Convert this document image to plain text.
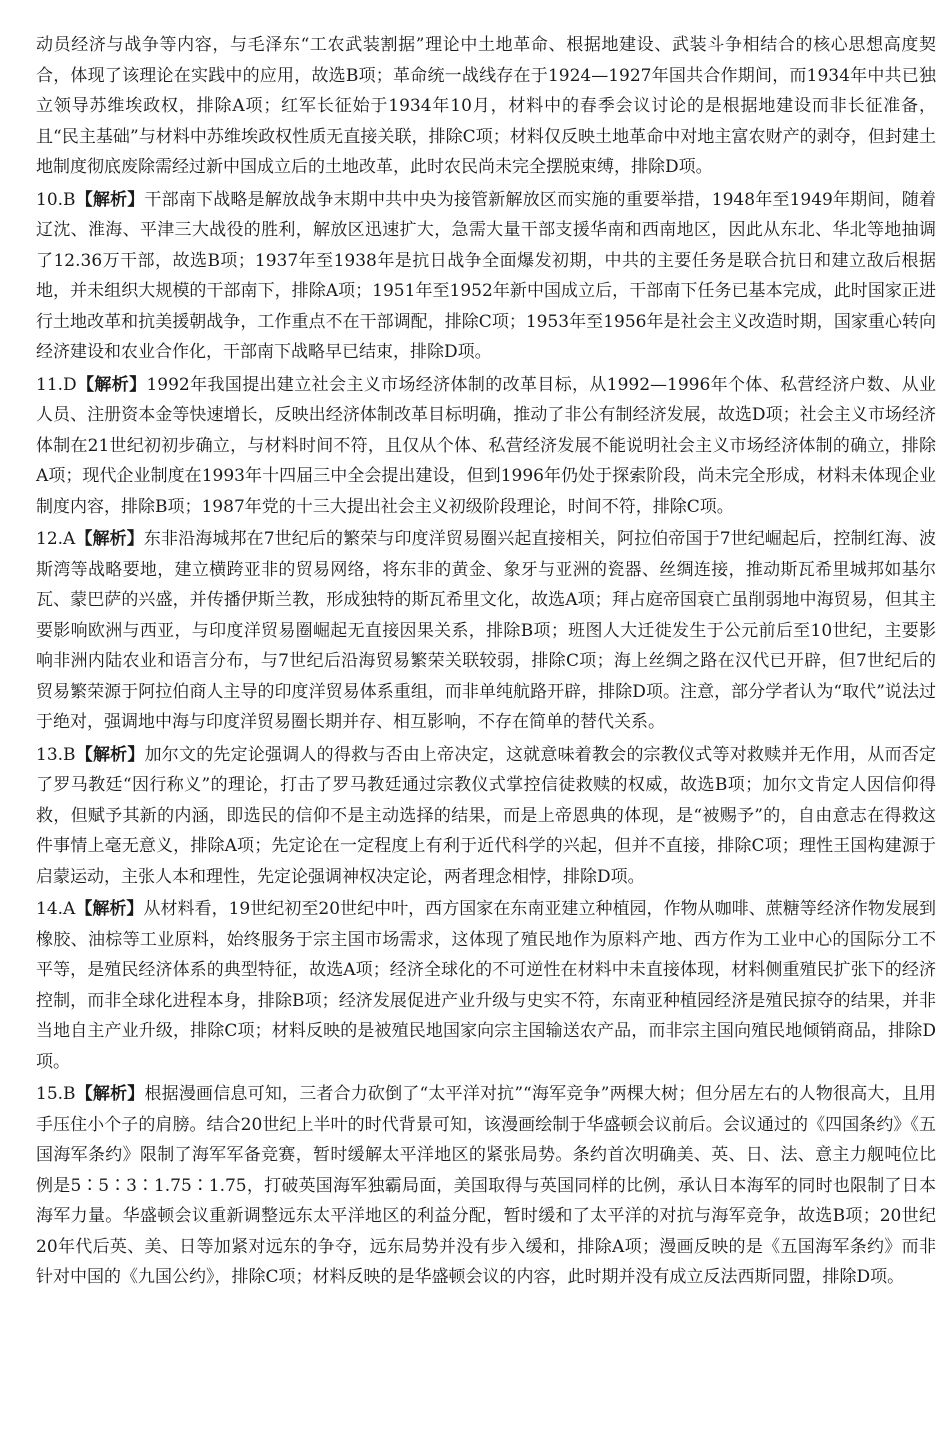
动员经济与战争等内容，与毛泽东“工农武装割据”理论中土地革命、根据地建设、武装斗争相结合的核心思想高度契合，体现了该理论在实践中的应用，故选B项；革命统一战线存在于1924—1927年国共合作期间，而1934年中共已独立领导苏维埃政权，排除A项；红军长征始于1934年10月，材料中的春季会议讨论的是根据地建设而非长征准备，且“民主基础”与材料中苏维埃政权性质无直接关联，排除C项；材料仅反映土地革命中对地主富农财产的剥夺，但封建土地制度彻底废除需经过新中国成立后的土地改革，此时农民尚未完全摆脱束缚，排除D项。

10.B【解析】干部南下战略是解放战争末期中共中央为接管新解放区而实施的重要举措，1948年至1949年期间，随着辽沈、淮海、平津三大战役的胜利，解放区迅速扩大，急需大量干部支援华南和西南地区，因此从东北、华北等地抽调了12.36万干部，故选B项；1937年至1938年是抗日战争全面爆发初期，中共的主要任务是联合抗日和建立敌后根据地，并未组织大规模的干部南下，排除A项；1951年至1952年新中国成立后，干部南下任务已基本完成，此时国家正进行土地改革和抗美援朝战争，工作重点不在干部调配，排除C项；1953年至1956年是社会主义改造时期，国家重心转向经济建设和农业合作化，干部南下战略早已结束，排除D项。
11.D【解析】1992年我国提出建立社会主义市场经济体制的改革目标，从1992—1996年个体、私营经济户数、从业人员、注册资本金等快速增长，反映出经济体制改革目标明确，推动了非公有制经济发展，故选D项；社会主义市场经济体制在21世纪初初步确立，与材料时间不符，且仅从个体、私营经济发展不能说明社会主义市场经济体制的确立，排除A项；现代企业制度在1993年十四届三中全会提出建设，但到1996年仍处于探索阶段，尚未完全形成，材料未体现企业制度内容，排除B项；1987年党的十三大提出社会主义初级阶段理论，时间不符，排除C项。
12.A【解析】东非沿海城邦在7世纪后的繁荣与印度洋贸易圈兴起直接相关，阿拉伯帝国于7世纪崛起后，控制红海、波斯湾等战略要地，建立横跨亚非的贸易网络，将东非的黄金、象牙与亚洲的瓷器、丝绸连接，推动斯瓦希里城邦如基尔瓦、蒙巴萨的兴盛，并传播伊斯兰教，形成独特的斯瓦希里文化，故选A项；拜占庭帝国衰亡虽削弱地中海贸易，但其主要影响欧洲与西亚，与印度洋贸易圈崛起无直接因果关系，排除B项；班图人大迁徙发生于公元前后至10世纪，主要影响非洲内陆农业和语言分布，与7世纪后沿海贸易繁荣关联较弱，排除C项；海上丝绸之路在汉代已开辟，但7世纪后的贸易繁荣源于阿拉伯商人主导的印度洋贸易体系重组，而非单纯航路开辟，排除D项。注意，部分学者认为“取代”说法过于绝对，强调地中海与印度洋贸易圈长期并存、相互影响，不存在简单的替代关系。
13.B【解析】加尔文的先定论强调人的得救与否由上帝决定，这就意味着教会的宗教仪式等对救赎并无作用，从而否定了罗马教廷“因行称义”的理论，打击了罗马教廷通过宗教仪式掌控信徒救赎的权威，故选B项；加尔文肯定人因信仰得救，但赋予其新的内涵，即选民的信仰不是主动选择的结果，而是上帝恩典的体现，是“被赐予”的，自由意志在得救这件事情上毫无意义，排除A项；先定论在一定程度上有利于近代科学的兴起，但并不直接，排除C项；理性王国构建源于启蒙运动，主张人本和理性，先定论强调神权决定论，两者理念相悖，排除D项。
14.A【解析】从材料看，19世纪初至20世纪中叶，西方国家在东南亚建立种植园，作物从咖啡、蔗糖等经济作物发展到橡胶、油棕等工业原料，始终服务于宗主国市场需求，这体现了殖民地作为原料产地、西方作为工业中心的国际分工不平等，是殖民经济体系的典型特征，故选A项；经济全球化的不可逆性在材料中未直接体现，材料侧重殖民扩张下的经济控制，而非全球化进程本身，排除B项；经济发展促进产业升级与史实不符，东南亚种植园经济是殖民掠夺的结果，并非当地自主产业升级，排除C项；材料反映的是被殖民地国家向宗主国输送农产品，而非宗主国向殖民地倾销商品，排除D项。
15.B【解析】根据漫画信息可知，三者合力砍倒了“太平洋对抗”“海军竞争”两棵大树；但分居左右的人物很高大，且用手压住小个子的肩膀。结合20世纪上半叶的时代背景可知，该漫画绘制于华盛顿会议前后。会议通过的《四国条约》《五国海军条约》限制了海军军备竞赛，暂时缓解太平洋地区的紧张局势。条约首次明确美、英、日、法、意主力舰吨位比例是5∶5∶3∶1.75∶1.75，打破英国海军独霸局面，美国取得与英国同样的比例，承认日本海军的同时也限制了日本海军力量。华盛顿会议重新调整远东太平洋地区的利益分配，暂时缓和了太平洋的对抗与海军竞争，故选B项；20世纪20年代后英、美、日等加紧对远东的争夺，远东局势并没有步入缓和，排除A项；漫画反映的是《五国海军条约》而非针对中国的《九国公约》，排除C项；材料反映的是华盛顿会议的内容，此时期并没有成立反法西斯同盟，排除D项。
